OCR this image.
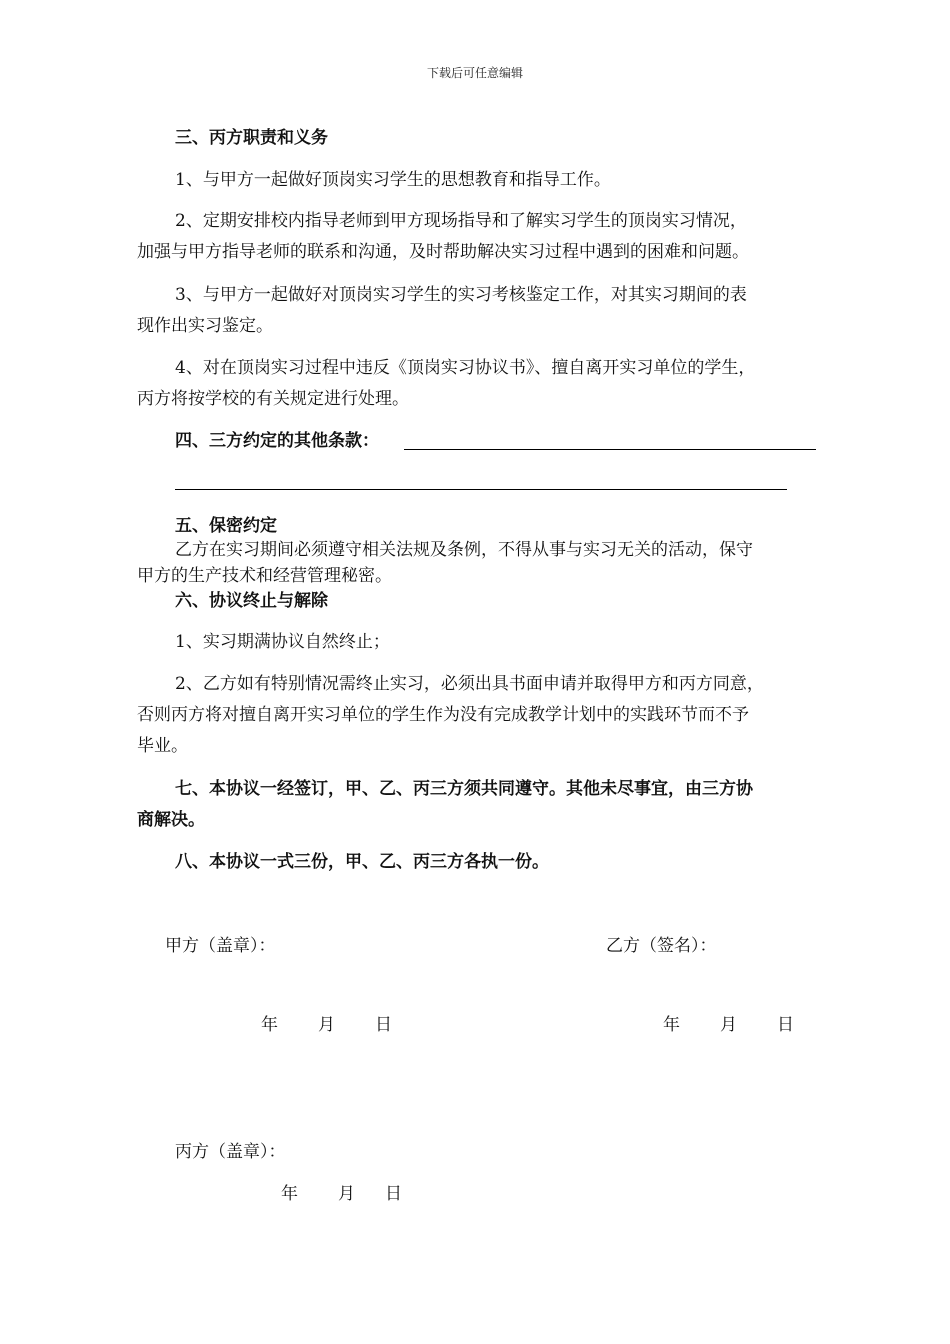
下载后可任意编辑
三、丙方职责和义务
1、与甲方一起做好顶岗实习学生的思想教育和指导工作。
2、定期安排校内指导老师到甲方现场指导和了解实习学生的顶岗实习情况，
加强与甲方指导老师的联系和沟通，及时帮助解决实习过程中遇到的困难和问题。
3、与甲方一起做好对顶岗实习学生的实习考核鉴定工作，对其实习期间的表
现作出实习鉴定。
4、对在顶岗实习过程中违反《顶岗实习协议书》、擅自离开实习单位的学生，
丙方将按学校的有关规定进行处理。
四、三方约定的其他条款：
五、保密约定
乙方在实习期间必须遵守相关法规及条例，不得从事与实习无关的活动，保守
甲方的生产技术和经营管理秘密。
六、协议终止与解除
1、实习期满协议自然终止；
2、乙方如有特别情况需终止实习，必须出具书面申请并取得甲方和丙方同意，
否则丙方将对擅自离开实习单位的学生作为没有完成教学计划中的实践环节而不予
毕业。
七、本协议一经签订，甲、乙、丙三方须共同遵守。其他未尽事宜，由三方协
商解决。
八、本协议一式三份，甲、乙、丙三方各执一份。
甲方（盖章）：	乙方（签名）：
年 月 日	年 月 日
丙方（盖章）：
年 月 日
